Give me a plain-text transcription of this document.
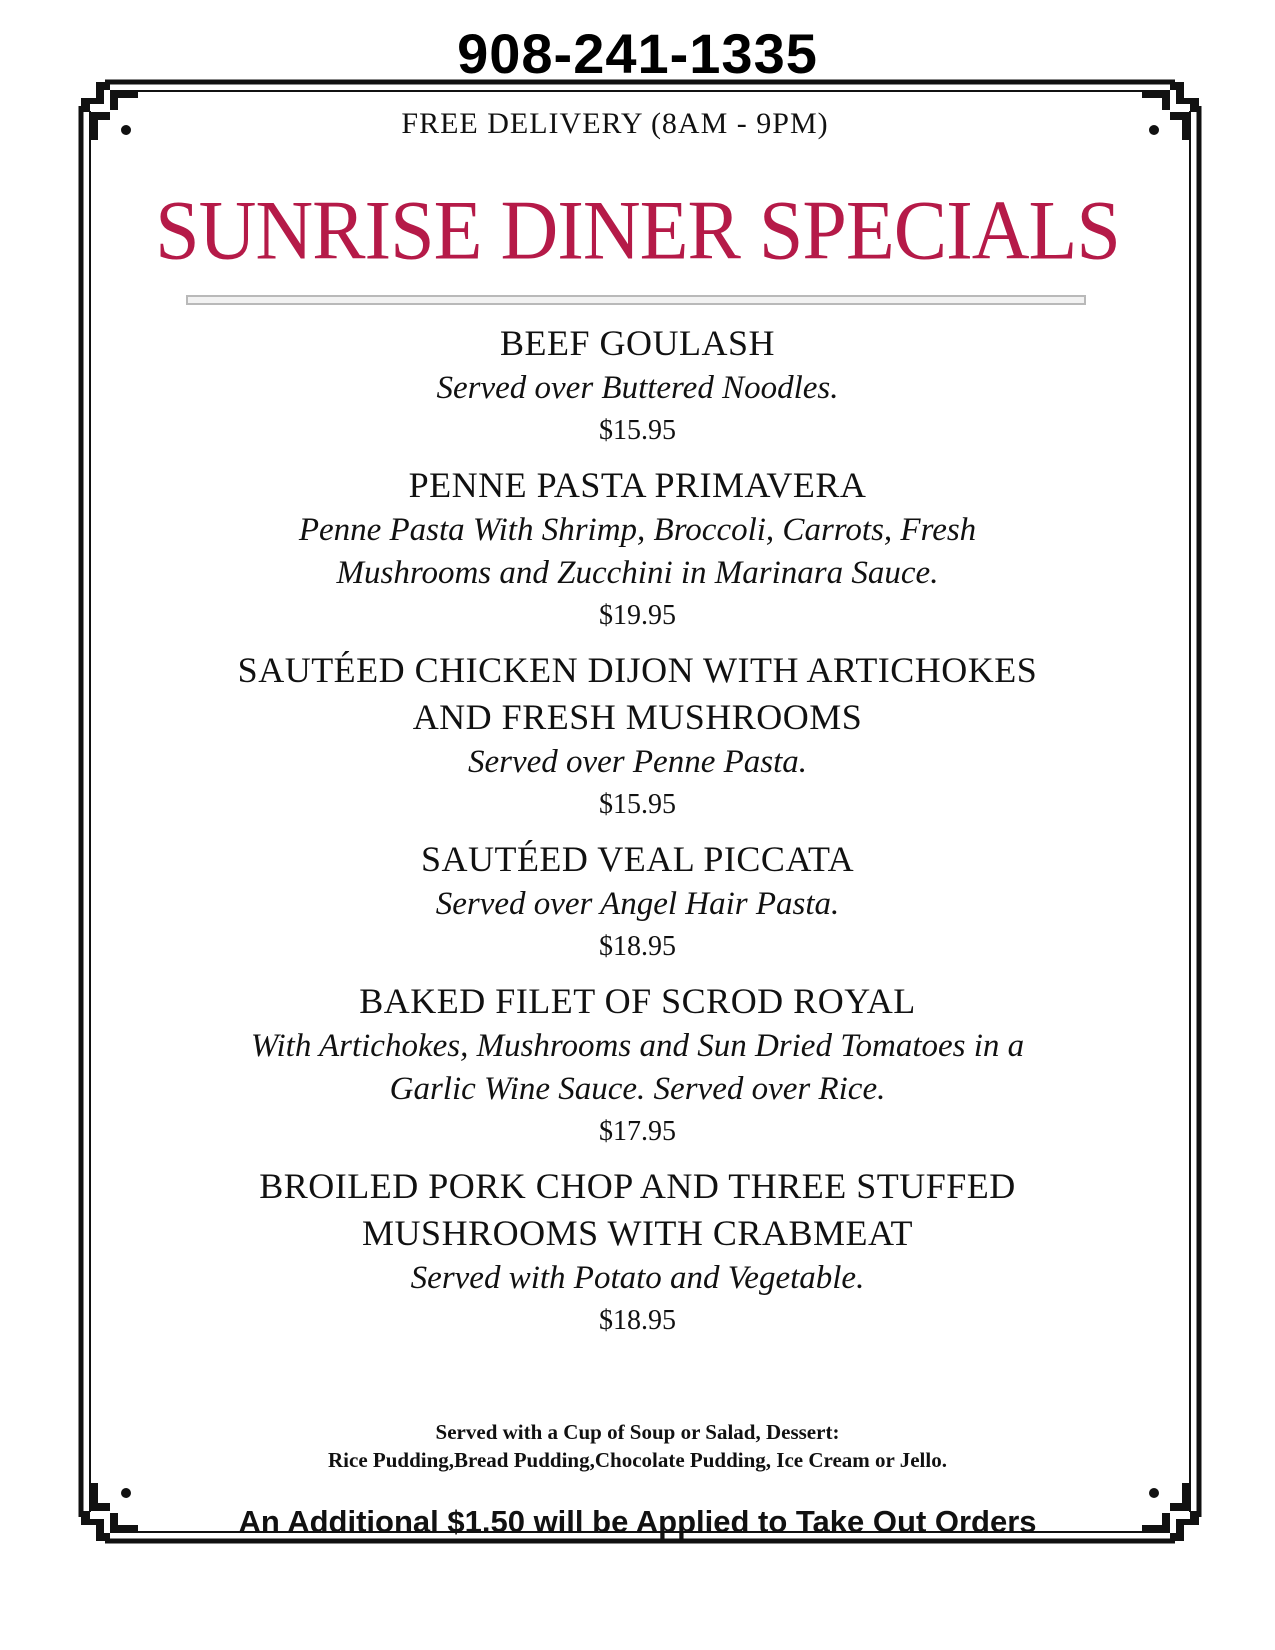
908-241-1335
FREE DELIVERY (8AM - 9PM)
SUNRISE DINER SPECIALS
BEEF GOULASH
Served over Buttered Noodles.
$15.95
PENNE PASTA PRIMAVERA
Penne Pasta With Shrimp, Broccoli, Carrots, Fresh
Mushrooms and Zucchini in Marinara Sauce.
$19.95
SAUTÉED CHICKEN DIJON WITH ARTICHOKES
AND FRESH MUSHROOMS
Served over Penne Pasta.
$15.95
SAUTÉED VEAL PICCATA
Served over Angel Hair Pasta.
$18.95
BAKED FILET OF SCROD ROYAL
With Artichokes, Mushrooms and Sun Dried Tomatoes in a
Garlic Wine Sauce. Served over Rice.
$17.95
BROILED PORK CHOP AND THREE STUFFED
MUSHROOMS WITH CRABMEAT
Served with Potato and Vegetable.
$18.95
Served with a Cup of Soup or Salad, Dessert:
Rice Pudding,Bread Pudding,Chocolate Pudding, Ice Cream or Jello.
An Additional $1.50 will be Applied to Take Out Orders
